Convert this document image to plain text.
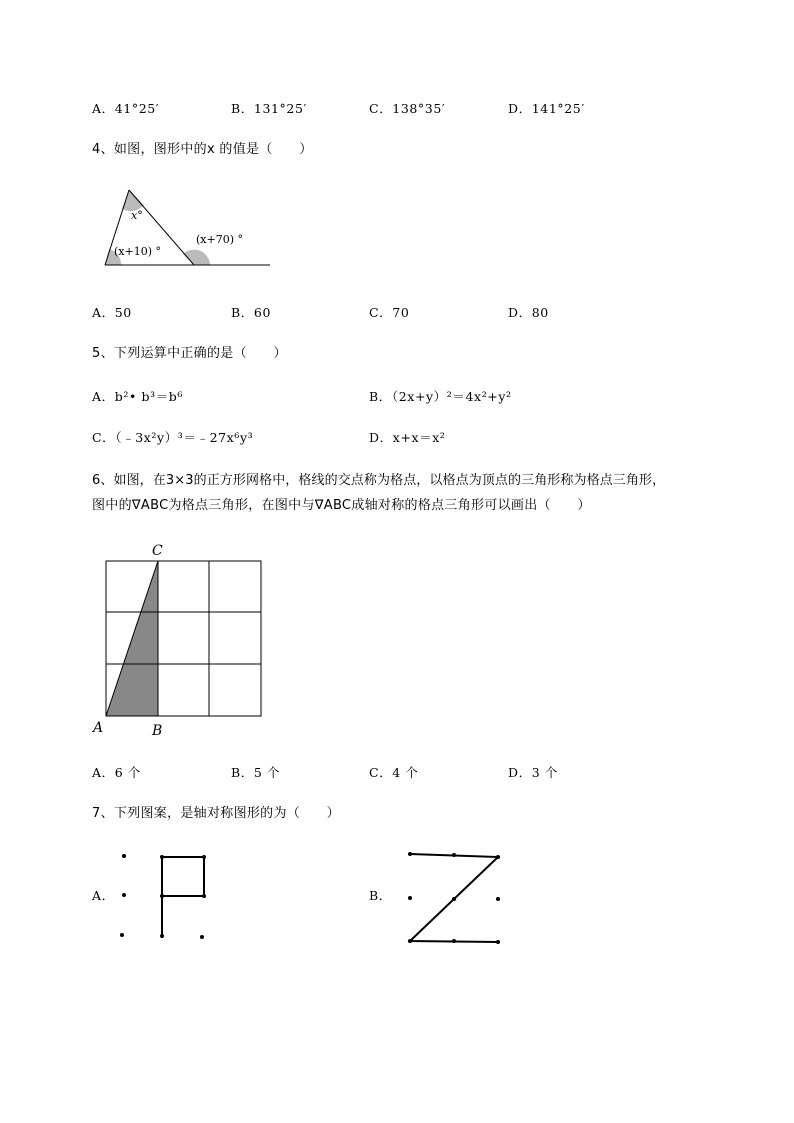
A．41°25′	B．131°25′	C．138°35′	D．141°25′
4、如图，图形中的x 的值是（　　）
x°
(x+10) °
(x+70) °
A．50	B．60	C．70	D．80
5、下列运算中正确的是（　　）
A．b²• b³＝b⁶	B．（2x+y）²＝4x²+y²
C．（﹣3x²y）³＝﹣27x⁶y³	D．x+x＝x²
6、如图，在3×3的正方形网格中，格线的交点称为格点，以格点为顶点的三角形称为格点三角形，
图中的∇ABC为格点三角形，在图中与∇ABC成轴对称的格点三角形可以画出（　　）
C
A	B
A．6 个	B．5 个	C．4 个	D．3 个
7、下列图案，是轴对称图形的为（　　）
A．	B．
